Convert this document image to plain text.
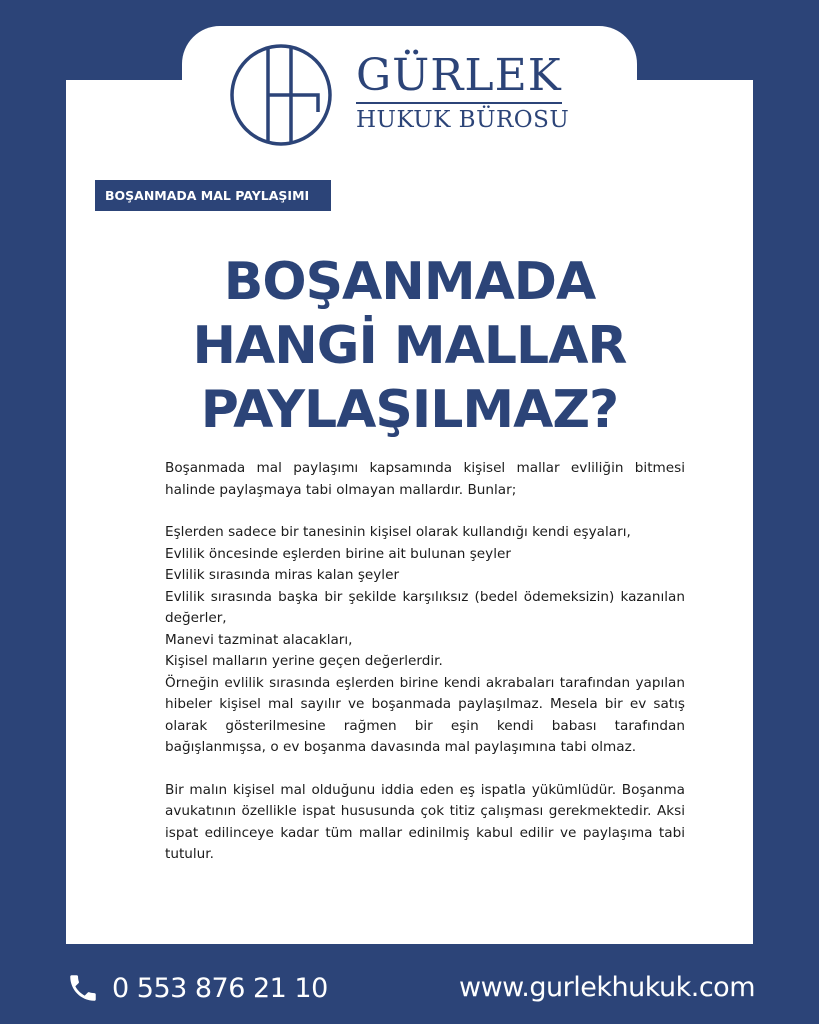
GÜRLEK
HUKUK BÜROSU
BOŞANMADA MAL PAYLAŞIMI
BOŞANMADA
HANGİ MALLAR
PAYLAŞILMAZ?

Boşanmada mal paylaşımı kapsamında kişisel mallar evliliğin bitmesi halinde paylaşmaya tabi olmayan mallardır. Bunlar;

Eşlerden sadece bir tanesinin kişisel olarak kullandığı kendi eşyaları,

Evlilik öncesinde eşlerden birine ait bulunan şeyler

Evlilik sırasında miras kalan şeyler

Evlilik sırasında başka bir şekilde karşılıksız (bedel ödemeksizin) kazanılan değerler,

Manevi tazminat alacakları,

Kişisel malların yerine geçen değerlerdir.

Örneğin evlilik sırasında eşlerden birine kendi akrabaları tarafından yapılan hibeler kişisel mal sayılır ve boşanmada paylaşılmaz. Mesela bir ev satış olarak gösterilmesine rağmen bir eşin kendi babası tarafından bağışlanmışsa, o ev boşanma davasında mal paylaşımına tabi olmaz.

Bir malın kişisel mal olduğunu iddia eden eş ispatla yükümlüdür. Boşanma avukatının özellikle ispat hususunda çok titiz çalışması gerekmektedir. Aksi ispat edilinceye kadar tüm mallar edinilmiş kabul edilir ve paylaşıma tabi tutulur.

0 553 876 21 10	www.gurlekhukuk.com
